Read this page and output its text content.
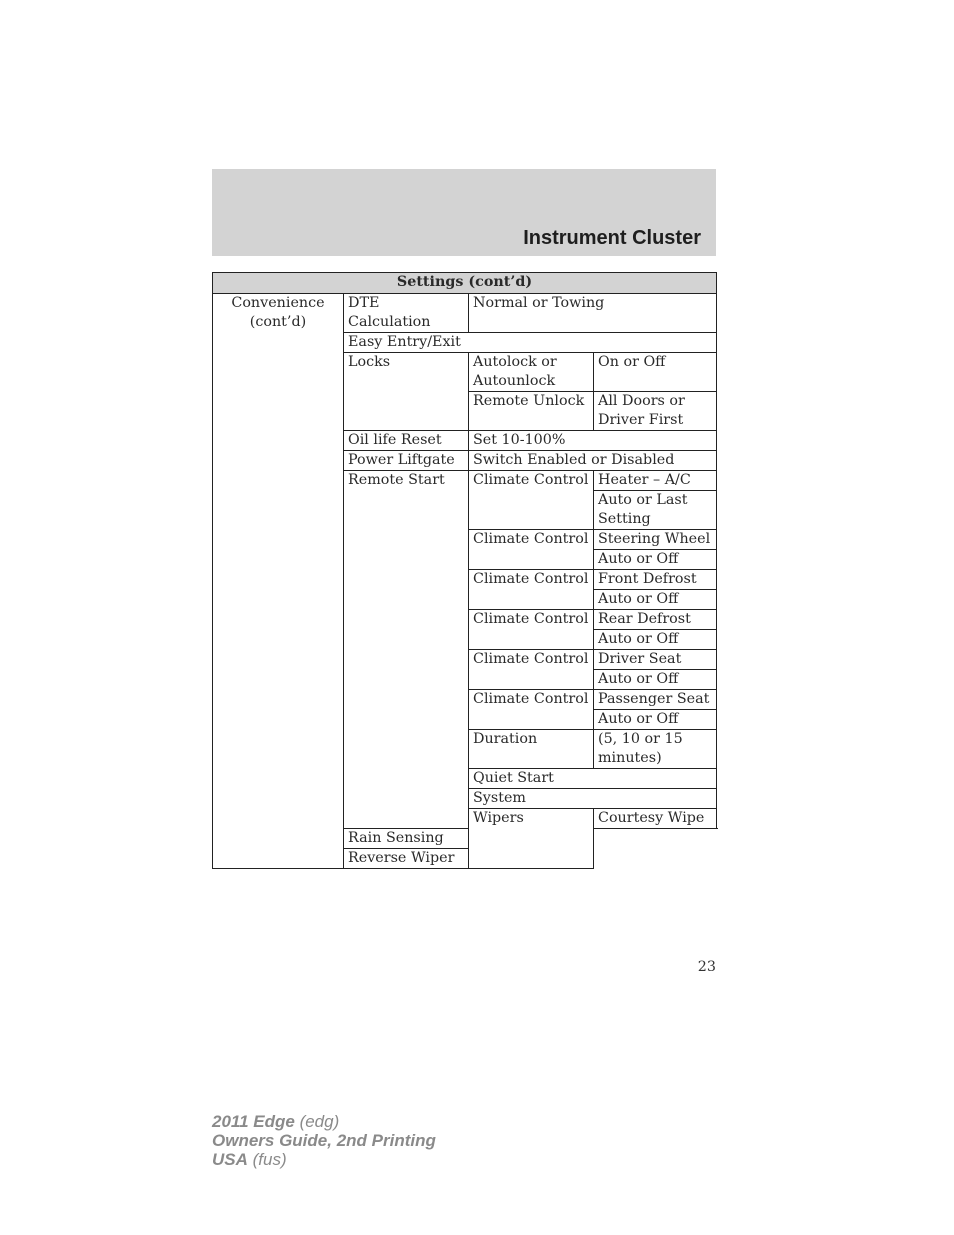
Instrument Cluster
Settings (cont’d)			
Convenience (cont’d)	DTE Calculation	Normal or Towing	
	Easy Entry/Exit		
	Locks	Autolock or Autounlock	On or Off
		Remote Unlock	All Doors or Driver First
	Oil life Reset	Set 10-100%	
	Power Liftgate	Switch Enabled or Disabled	
	Remote Start	Climate Control	Heater – A/C
			Auto or Last Setting
		Climate Control	Steering Wheel
			Auto or Off
		Climate Control	Front Defrost
			Auto or Off
		Climate Control	Rear Defrost
			Auto or Off
		Climate Control	Driver Seat
			Auto or Off
		Climate Control	Passenger Seat
			Auto or Off
		Duration	(5, 10 or 15 minutes)
		Quiet Start	
		System	
		Wipers	Courtesy Wipe
	Rain Sensing		
	Reverse Wiper		
23
2011 Edge (edg)
Owners Guide, 2nd Printing
USA (fus)
